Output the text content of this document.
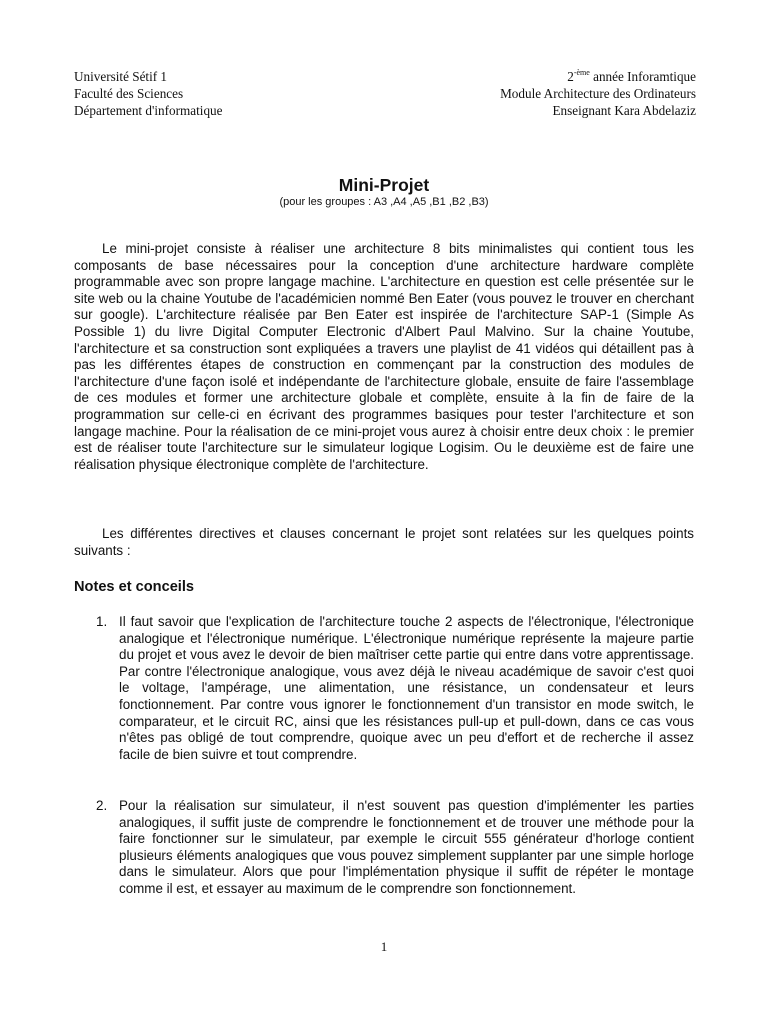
Université Sétif 1
Faculté des Sciences
Département d'informatique
$2^{-ème}$ année Inforamtique
Module Architecture des Ordinateurs
Enseignant Kara Abdelaziz
Mini-Projet
(pour les groupes : A3 ,A4 ,A5 ,B1 ,B2 ,B3)

Le mini-projet consiste à réaliser une architecture 8 bits minimalistes qui contient tous les composants de base nécessaires pour la conception d'une architecture hardware complète programmable avec son propre langage machine. L'architecture en question est celle présentée sur le site web ou la chaine Youtube de l'académicien nommé Ben Eater (vous pouvez le trouver en cherchant sur google). L'architecture réalisée par Ben Eater est inspirée de l'architecture SAP-1 (Simple As Possible 1) du livre Digital Computer Electronic d'Albert Paul Malvino. Sur la chaine Youtube, l'architecture et sa construction sont expliquées a travers une playlist de 41 vidéos qui détaillent pas à pas les différentes étapes de construction en commençant par la construction des modules de l'architecture d'une façon isolé et indépendante de l'architecture globale, ensuite de faire l'assemblage de ces modules et former une architecture globale et complète, ensuite à la fin de faire de la programmation sur celle-ci en écrivant des programmes basiques pour tester l'architecture et son langage machine. Pour la réalisation de ce mini-projet vous aurez à choisir entre deux choix : le premier est de réaliser toute l'architecture sur le simulateur logique Logisim. Ou le deuxième est de faire une réalisation physique électronique complète de l'architecture.

Les différentes directives et clauses concernant le projet sont relatées sur les quelques points suivants :

Notes et conceils
1. Il faut savoir que l'explication de l'architecture touche 2 aspects de l'électronique, l'électronique analogique et l'électronique numérique. L'électronique numérique représente la majeure partie du projet et vous avez le devoir de bien maîtriser cette partie qui entre dans votre apprentissage. Par contre l'électronique analogique, vous avez déjà le niveau académique de savoir c'est quoi le voltage, l'ampérage, une alimentation, une résistance, un condensateur et leurs fonctionnement. Par contre vous ignorer le fonctionnement d'un transistor en mode switch, le comparateur, et le circuit RC, ainsi que les résistances pull-up et pull-down, dans ce cas vous n'êtes pas obligé de tout comprendre, quoique avec un peu d'effort et de recherche il assez facile de bien suivre et tout comprendre.
2. Pour la réalisation sur simulateur, il n'est souvent pas question d'implémenter les parties analogiques, il suffit juste de comprendre le fonctionnement et de trouver une méthode pour la faire fonctionner sur le simulateur, par exemple le circuit 555 générateur d'horloge contient plusieurs éléments analogiques que vous pouvez simplement supplanter par une simple horloge dans le simulateur. Alors que pour l'implémentation physique il suffit de répéter le montage comme il est, et essayer au maximum de le comprendre son fonctionnement.
1
